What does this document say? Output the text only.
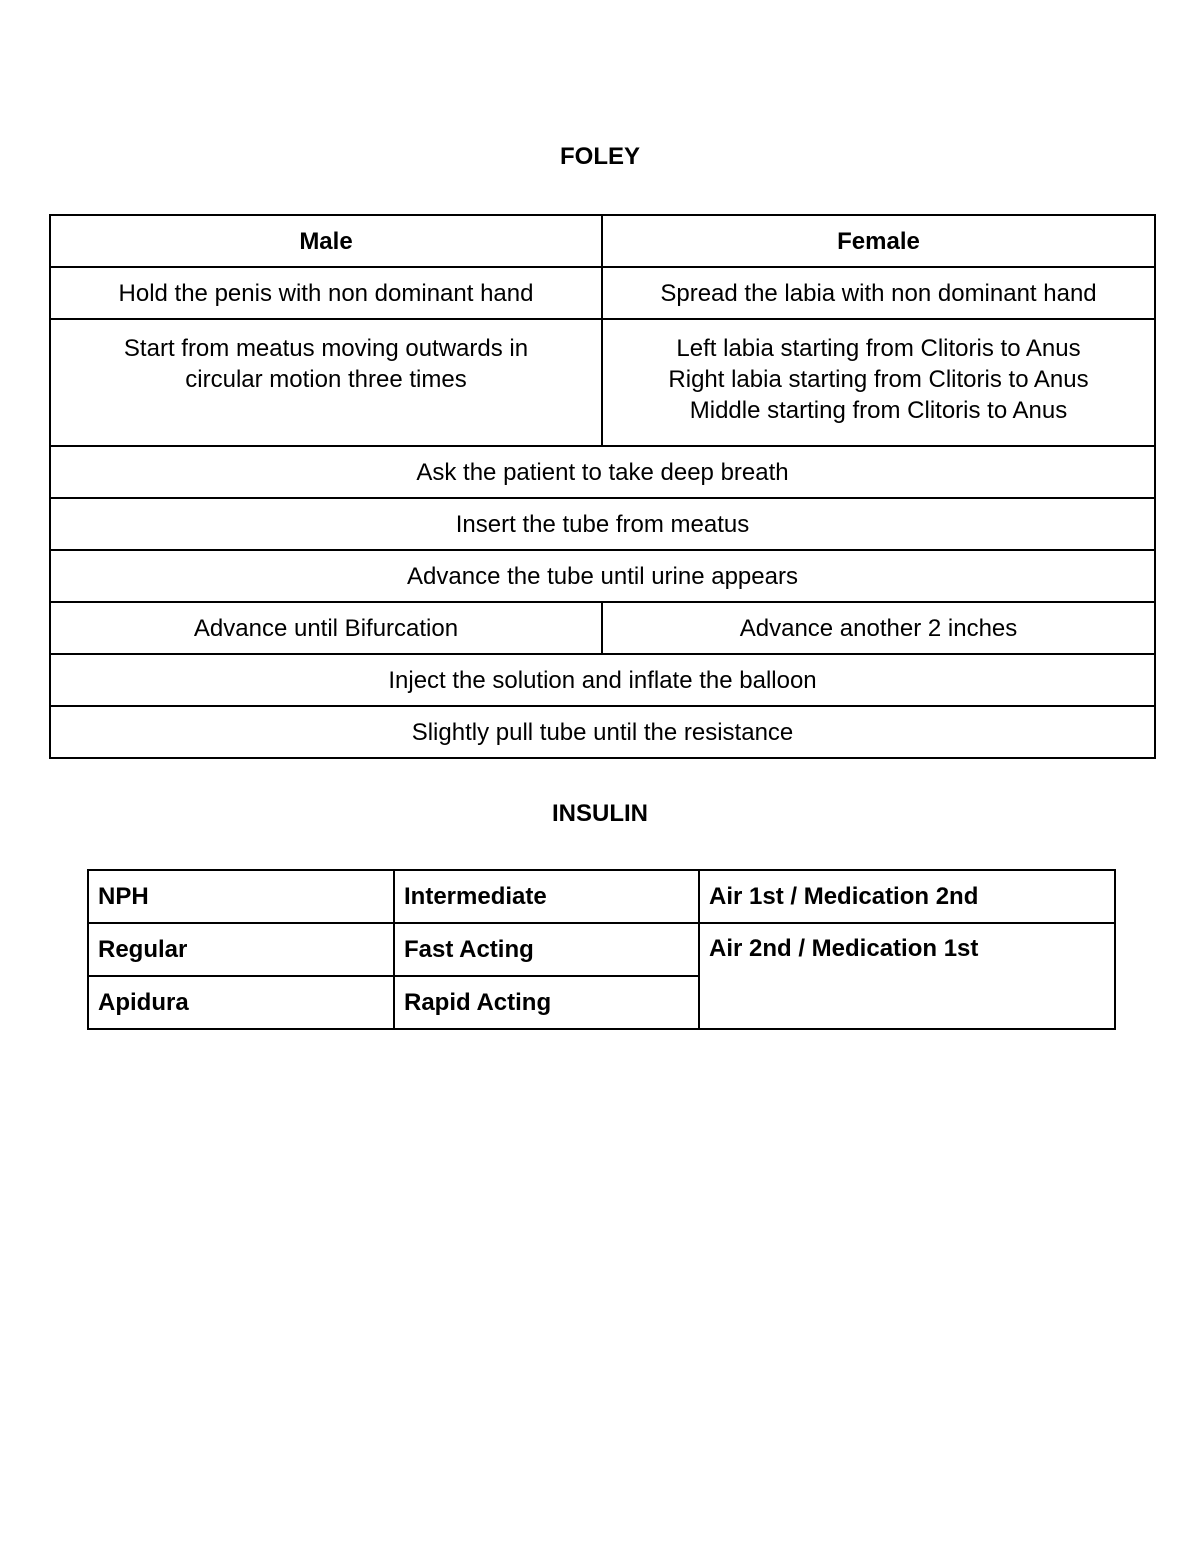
FOLEY
Male	Female
Hold the penis with non dominant hand	Spread the labia with non dominant hand

Start from meatus moving outwards in
circular motion three times	Left labia starting from Clitoris to Anus
Right labia starting from Clitoris to Anus
Middle starting from Clitoris to Anus

Ask the patient to take deep breath	
Insert the tube from meatus	
Advance the tube until urine appears	
Advance until Bifurcation	Advance another 2 inches
Inject the solution and inflate the balloon	
Slightly pull tube until the resistance	
INSULIN
NPH	Intermediate	Air 1st / Medication 2nd
Regular	Fast Acting	Air 2nd / Medication 1st
Apidura	Rapid Acting	
